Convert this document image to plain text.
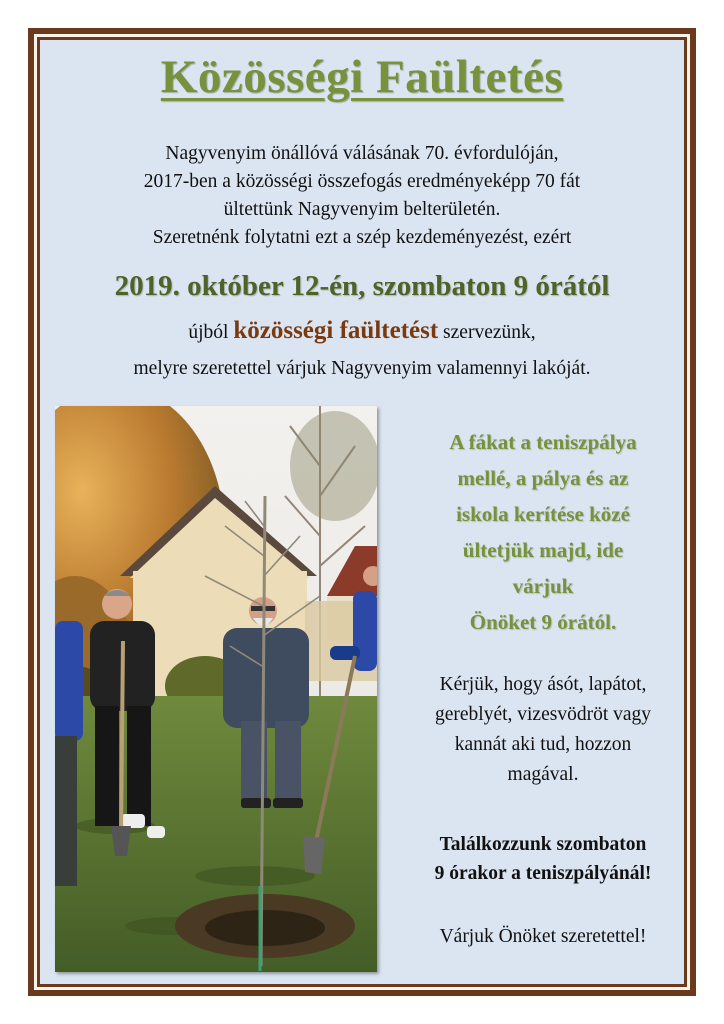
Közösségi Faültetés
Nagyvenyim önállóvá válásának 70. évfordulóján,
2017-ben a közösségi összefogás eredményeképp 70 fát
ültettünk Nagyvenyim belterületén.
Szeretnénk folytatni ezt a szép kezdeményezést, ezért
2019. október 12-én, szombaton 9 órától
újból közösségi faültetést szervezünk,
melyre szeretettel várjuk Nagyvenyim valamennyi lakóját.
A fákat a teniszpálya
mellé, a pálya és az
iskola kerítése közé
ültetjük majd, ide
várjuk
Önöket 9 órától.
Kérjük, hogy ásót, lapátot,
gereblyét, vizesvödröt vagy
kannát aki tud, hozzon
magával.
Találkozzunk szombaton
9 órakor a teniszpályánál!
Várjuk Önöket szeretettel!
